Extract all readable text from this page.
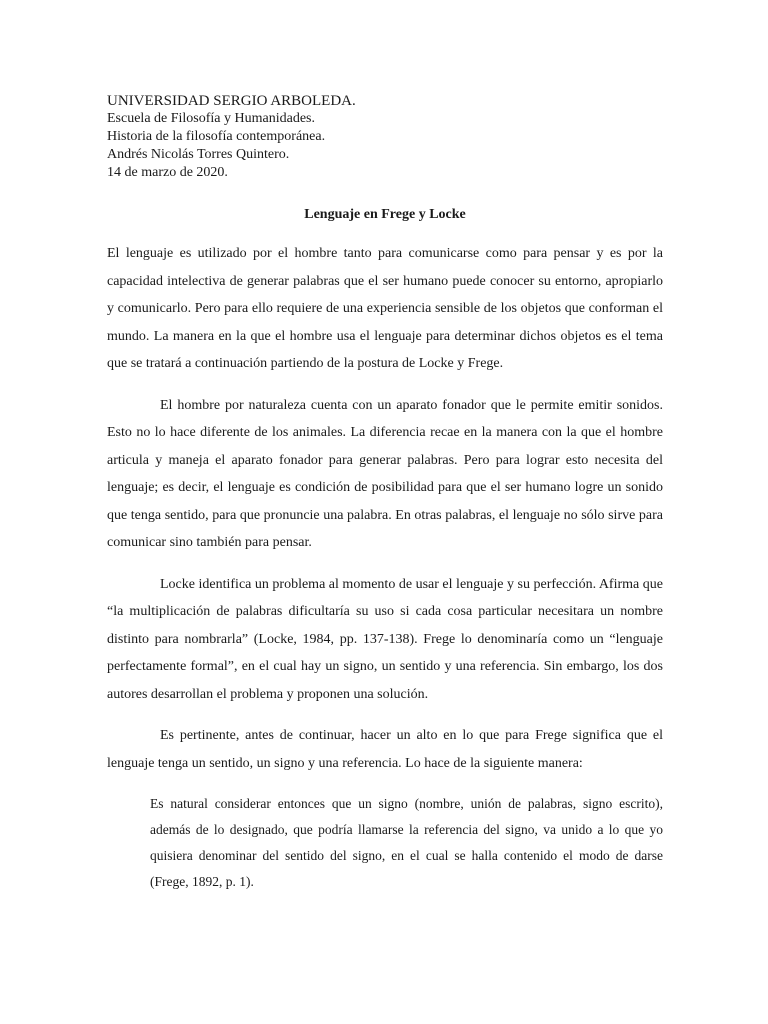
UNIVERSIDAD SERGIO ARBOLEDA.

Escuela de Filosofía y Humanidades.

Historia de la filosofía contemporánea.

Andrés Nicolás Torres Quintero.

14 de marzo de 2020.

Lenguaje en Frege y Locke

El lenguaje es utilizado por el hombre tanto para comunicarse como para pensar y es por la capacidad intelectiva de generar palabras que el ser humano puede conocer su entorno, apropiarlo y comunicarlo. Pero para ello requiere de una experiencia sensible de los objetos que conforman el mundo. La manera en la que el hombre usa el lenguaje para determinar dichos objetos es el tema que se tratará a continuación partiendo de la postura de Locke y Frege.

El hombre por naturaleza cuenta con un aparato fonador que le permite emitir sonidos. Esto no lo hace diferente de los animales. La diferencia recae en la manera con la que el hombre articula y maneja el aparato fonador para generar palabras. Pero para lograr esto necesita del lenguaje; es decir, el lenguaje es condición de posibilidad para que el ser humano logre un sonido que tenga sentido, para que pronuncie una palabra. En otras palabras, el lenguaje no sólo sirve para comunicar sino también para pensar.

Locke identifica un problema al momento de usar el lenguaje y su perfección. Afirma que “la multiplicación de palabras dificultaría su uso si cada cosa particular necesitara un nombre distinto para nombrarla” (Locke, 1984, pp. 137-138). Frege lo denominaría como un “lenguaje perfectamente formal”, en el cual hay un signo, un sentido y una referencia. Sin embargo, los dos autores desarrollan el problema y proponen una solución.

Es pertinente, antes de continuar, hacer un alto en lo que para Frege significa que el lenguaje tenga un sentido, un signo y una referencia. Lo hace de la siguiente manera:

Es natural considerar entonces que un signo (nombre, unión de palabras, signo escrito), además de lo designado, que podría llamarse la referencia del signo, va unido a lo que yo quisiera denominar del sentido del signo, en el cual se halla contenido el modo de darse (Frege, 1892, p. 1).
